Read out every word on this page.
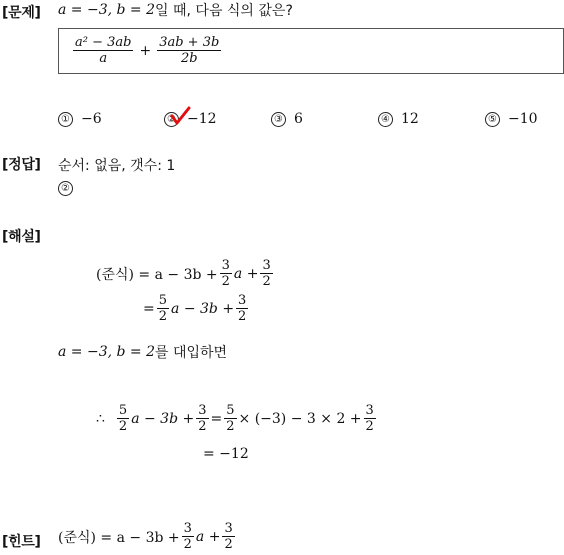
[문제] a = −3, b = 2 일 때, 다음 식의 값은?
$\frac{\text{a² − 3ab}}{a} + \frac{3ab + 3b}{2b}$
① −6	② −12	③ 6	④ 12	⑤ −10
[정답] 순서: 없음, 갯수: 1
②
[해설]
(준식) = $a - 3b + \frac{3}{2}$ $a + \frac{3}{2}$
= $\frac{5}{2}$ $a - 3b + \frac{3}{2}$
a = −3, b = 2 를 대입하면
∴ $\frac{5}{2}$ $a - 3b + \frac{3}{2} = \frac{5}{2} \times (-3) - 3 \times 2 + \frac{3}{2}$
= −12
[힌트] (준식) = $a - 3b + \frac{3}{2}$ $a + \frac{3}{2}$
